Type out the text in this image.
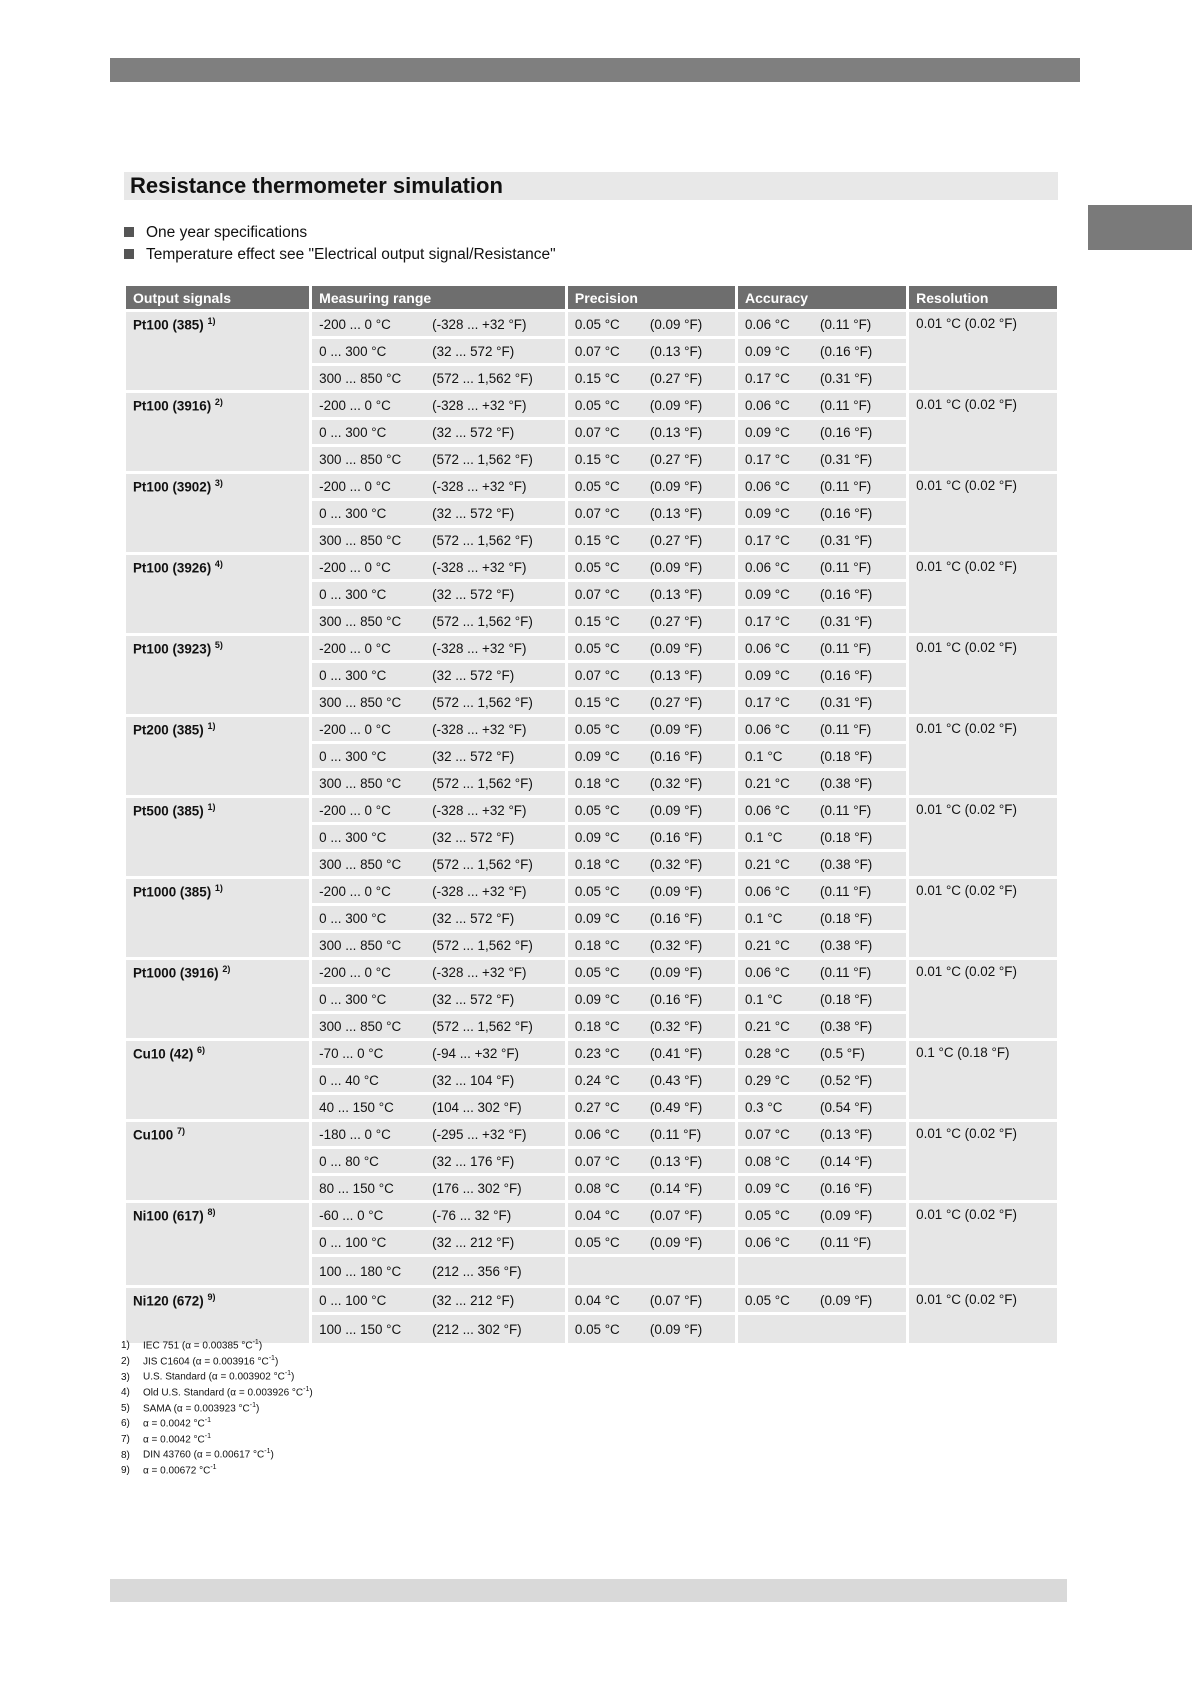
Resistance thermometer simulation
One year specifications
Temperature effect see "Electrical output signal/Resistance"
Output signals	Measuring range	Precision	Accuracy	Resolution
Pt100 (385) $^{1)}$	-200 ... 0 °C (-328 ... +32 °F)	0.05 °C (0.09 °F)	0.06 °C (0.11 °F)	0.01 °C (0.02 °F)
	0 ... 300 °C (32 ... 572 °F)	0.07 °C (0.13 °F)	0.09 °C (0.16 °F)	
	300 ... 850 °C (572 ... 1,562 °F)	0.15 °C (0.27 °F)	0.17 °C (0.31 °F)	
Pt100 (3916) $^{2)}$	-200 ... 0 °C (-328 ... +32 °F)	0.05 °C (0.09 °F)	0.06 °C (0.11 °F)	0.01 °C (0.02 °F)
	0 ... 300 °C (32 ... 572 °F)	0.07 °C (0.13 °F)	0.09 °C (0.16 °F)	
	300 ... 850 °C (572 ... 1,562 °F)	0.15 °C (0.27 °F)	0.17 °C (0.31 °F)	
Pt100 (3902) $^{3)}$	-200 ... 0 °C (-328 ... +32 °F)	0.05 °C (0.09 °F)	0.06 °C (0.11 °F)	0.01 °C (0.02 °F)
	0 ... 300 °C (32 ... 572 °F)	0.07 °C (0.13 °F)	0.09 °C (0.16 °F)	
	300 ... 850 °C (572 ... 1,562 °F)	0.15 °C (0.27 °F)	0.17 °C (0.31 °F)	
Pt100 (3926) $^{4)}$	-200 ... 0 °C (-328 ... +32 °F)	0.05 °C (0.09 °F)	0.06 °C (0.11 °F)	0.01 °C (0.02 °F)
	0 ... 300 °C (32 ... 572 °F)	0.07 °C (0.13 °F)	0.09 °C (0.16 °F)	
	300 ... 850 °C (572 ... 1,562 °F)	0.15 °C (0.27 °F)	0.17 °C (0.31 °F)	
Pt100 (3923) $^{5)}$	-200 ... 0 °C (-328 ... +32 °F)	0.05 °C (0.09 °F)	0.06 °C (0.11 °F)	0.01 °C (0.02 °F)
	0 ... 300 °C (32 ... 572 °F)	0.07 °C (0.13 °F)	0.09 °C (0.16 °F)	
	300 ... 850 °C (572 ... 1,562 °F)	0.15 °C (0.27 °F)	0.17 °C (0.31 °F)	
Pt200 (385) $^{1)}$	-200 ... 0 °C (-328 ... +32 °F)	0.05 °C (0.09 °F)	0.06 °C (0.11 °F)	0.01 °C (0.02 °F)
	0 ... 300 °C (32 ... 572 °F)	0.09 °C (0.16 °F)	0.1 °C (0.18 °F)	
	300 ... 850 °C (572 ... 1,562 °F)	0.18 °C (0.32 °F)	0.21 °C (0.38 °F)	
Pt500 (385) $^{1)}$	-200 ... 0 °C (-328 ... +32 °F)	0.05 °C (0.09 °F)	0.06 °C (0.11 °F)	0.01 °C (0.02 °F)
	0 ... 300 °C (32 ... 572 °F)	0.09 °C (0.16 °F)	0.1 °C (0.18 °F)	
	300 ... 850 °C (572 ... 1,562 °F)	0.18 °C (0.32 °F)	0.21 °C (0.38 °F)	
Pt1000 (385) $^{1)}$	-200 ... 0 °C (-328 ... +32 °F)	0.05 °C (0.09 °F)	0.06 °C (0.11 °F)	0.01 °C (0.02 °F)
	0 ... 300 °C (32 ... 572 °F)	0.09 °C (0.16 °F)	0.1 °C (0.18 °F)	
	300 ... 850 °C (572 ... 1,562 °F)	0.18 °C (0.32 °F)	0.21 °C (0.38 °F)	
Pt1000 (3916) $^{2)}$	-200 ... 0 °C (-328 ... +32 °F)	0.05 °C (0.09 °F)	0.06 °C (0.11 °F)	0.01 °C (0.02 °F)
	0 ... 300 °C (32 ... 572 °F)	0.09 °C (0.16 °F)	0.1 °C (0.18 °F)	
	300 ... 850 °C (572 ... 1,562 °F)	0.18 °C (0.32 °F)	0.21 °C (0.38 °F)	
Cu10 (42) $^{6)}$	-70 ... 0 °C (-94 ... +32 °F)	0.23 °C (0.41 °F)	0.28 °C (0.5 °F)	0.1 °C (0.18 °F)
	0 ... 40 °C (32 ... 104 °F)	0.24 °C (0.43 °F)	0.29 °C (0.52 °F)	
	40 ... 150 °C (104 ... 302 °F)	0.27 °C (0.49 °F)	0.3 °C (0.54 °F)	
Cu100 $^{7)}$	-180 ... 0 °C (-295 ... +32 °F)	0.06 °C (0.11 °F)	0.07 °C (0.13 °F)	0.01 °C (0.02 °F)
	0 ... 80 °C (32 ... 176 °F)	0.07 °C (0.13 °F)	0.08 °C (0.14 °F)	
	80 ... 150 °C (176 ... 302 °F)	0.08 °C (0.14 °F)	0.09 °C (0.16 °F)	
Ni100 (617) $^{8)}$	-60 ... 0 °C (-76 ... 32 °F)	0.04 °C (0.07 °F)	0.05 °C (0.09 °F)	0.01 °C (0.02 °F)
	0 ... 100 °C (32 ... 212 °F)	0.05 °C (0.09 °F)	0.06 °C (0.11 °F)	
	100 ... 180 °C (212 ... 356 °F)			
Ni120 (672) $^{9)}$	0 ... 100 °C (32 ... 212 °F)	0.04 °C (0.07 °F)	0.05 °C (0.09 °F)	0.01 °C (0.02 °F)
	100 ... 150 °C (212 ... 302 °F)	0.05 °C (0.09 °F)		
1) IEC 751 (α = 0.00385 $^\circ C^{-1}$)
2) JIS C1604 (α = 0.003916 $^\circ C^{-1}$)
3) U.S. Standard (α = 0.003902 $^\circ C^{-1}$)
4) Old U.S. Standard (α = 0.003926 $^\circ C^{-1}$)
5) SAMA (α = 0.003923 $^\circ C^{-1}$)
6) α = 0.0042 $^\circ C^{-1}$
7) α = 0.0042 $^\circ C^{-1}$
8) DIN 43760 (α = 0.00617 $^\circ C^{-1}$)
9) α = 0.00672 $^\circ C^{-1}$
